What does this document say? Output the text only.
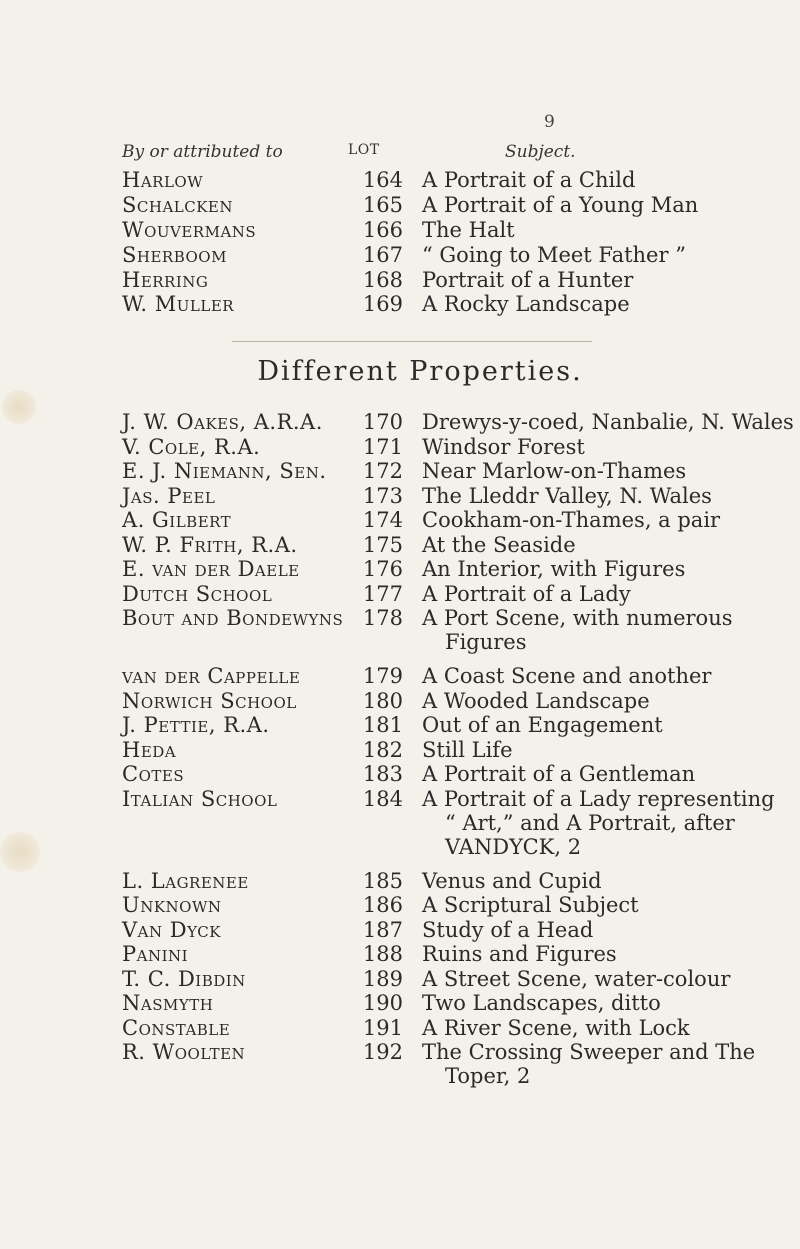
9
By or attributed to	LOT	Subject.
Harlow	164 A Portrait of a Child
Schalcken	165 A Portrait of a Young Man
Wouvermans	166 The Halt
Sherboom	167 “ Going to Meet Father ”
Herring	168 Portrait of a Hunter
W. Muller	169 A Rocky Landscape
Different Properties.
J. W. Oakes, A.R.A.	170 Drewys-y-coed, Nanbalie, N. Wales
V. Cole, R.A.	171 Windsor Forest
E. J. Niemann, Sen.	172 Near Marlow-on-Thames
Jas. Peel	173 The Lleddr Valley, N. Wales
A. Gilbert	174 Cookham-on-Thames, a pair
W. P. Frith, R.A.	175 At the Seaside
E. van der Daele	176 An Interior, with Figures
Dutch School	177 A Portrait of a Lady
Bout and Bondewyns 178 A Port Scene, with numerous
Figures
van der Cappelle	179 A Coast Scene and another
Norwich School	180 A Wooded Landscape
J. Pettie, R.A.	181 Out of an Engagement
Heda	182 Still Life
Cotes	183 A Portrait of a Gentleman
Italian School	184 A Portrait of a Lady representing
“ Art,” and A Portrait, after
VANDYCK, 2
L. Lagrenee	185 Venus and Cupid
Unknown	186 A Scriptural Subject
Van Dyck	187 Study of a Head
Panini	188 Ruins and Figures
T. C. Dibdin	189 A Street Scene, water-colour
Nasmyth	190 Two Landscapes, ditto
Constable	191 A River Scene, with Lock
R. Woolten	192 The Crossing Sweeper and The
Toper, 2
